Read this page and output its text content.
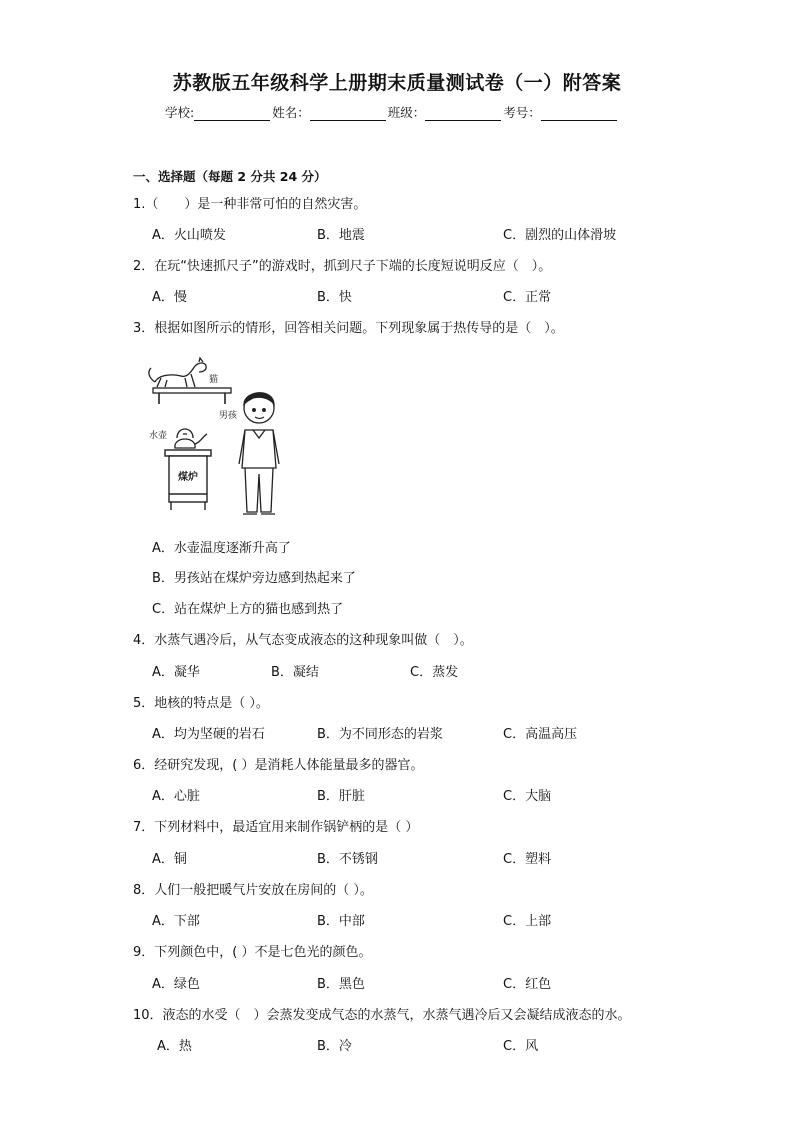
苏教版五年级科学上册期末质量测试卷（一）附答案
学校:	姓名：	班级：	考号：
一、选择题（每题 2 分共 24 分）
1.（　　）是一种非常可怕的自然灾害。
A．火山喷发	B．地震	C．剧烈的山体滑坡
2．在玩“快速抓尺子”的游戏时，抓到尺子下端的长度短说明反应（　）。
A．慢	B．快	C．正常
3．根据如图所示的情形，回答相关问题。下列现象属于热传导的是（　）。
猫
男孩
水壶
煤炉
A．水壶温度逐渐升高了
B．男孩站在煤炉旁边感到热起来了
C．站在煤炉上方的猫也感到热了
4．水蒸气遇冷后，从气态变成液态的这种现象叫做（　）。
A．凝华	B．凝结	C．蒸发
5．地核的特点是（ ）。
A．均为坚硬的岩石	B．为不同形态的岩浆	C．高温高压
6．经研究发现，( ）是消耗人体能量最多的器官。
A．心脏	B．肝脏	C．大脑
7．下列材料中，最适宜用来制作锅铲柄的是（ ）
A．铜	B．不锈钢	C．塑料
8．人们一般把暖气片安放在房间的（ ）。
A．下部	B．中部	C．上部
9．下列颜色中，( ）不是七色光的颜色。
A．绿色	B．黑色	C．红色
10．液态的水受（　）会蒸发变成气态的水蒸气，水蒸气遇冷后又会凝结成液态的水。
A．热	B．冷	C．风
